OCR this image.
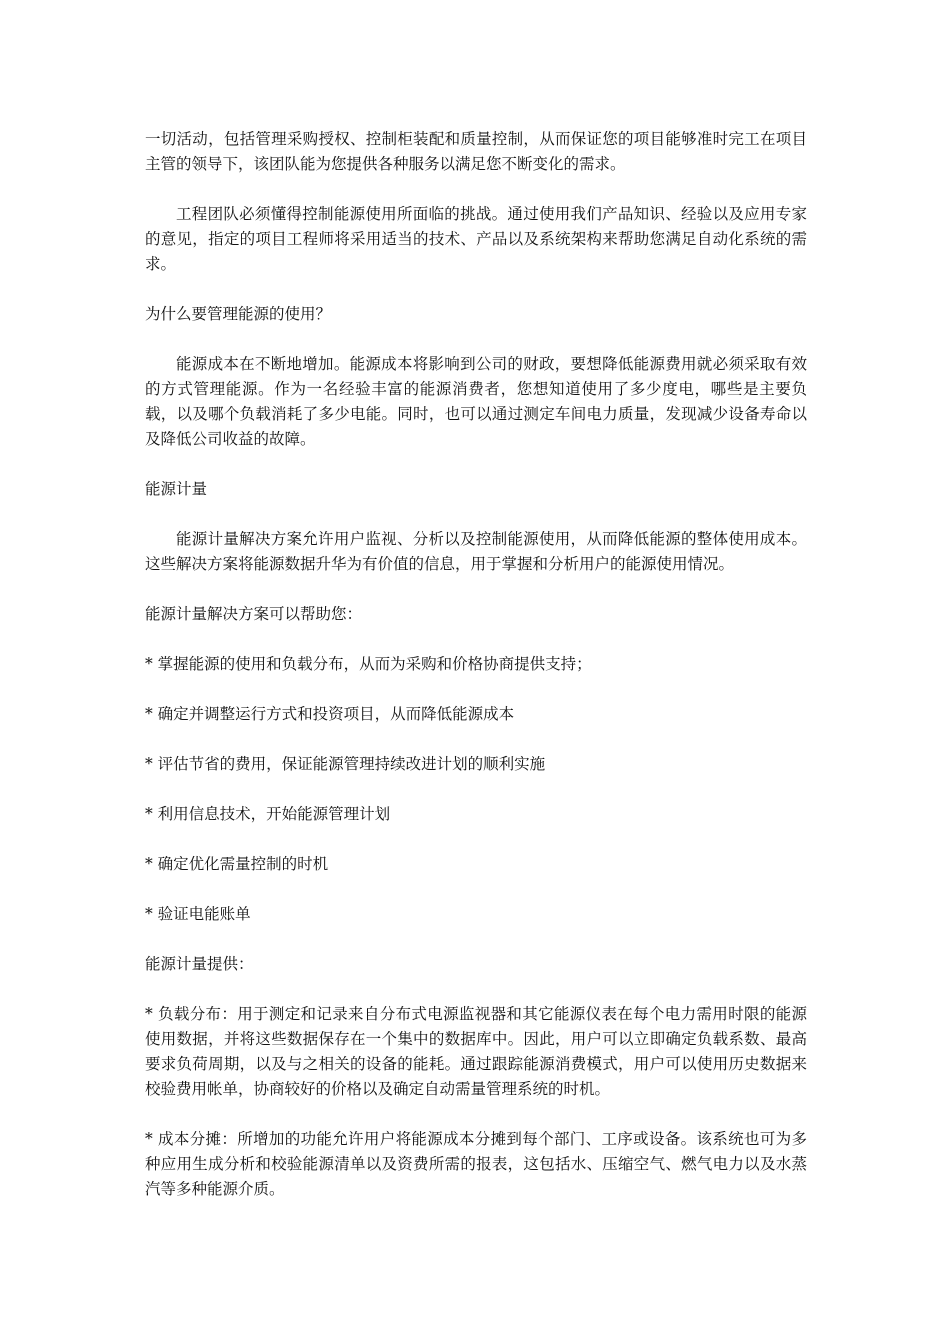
一切活动，包括管理采购授权、控制柜装配和质量控制，从而保证您的项目能够准时完工在项目主管的领导下，该团队能为您提供各种服务以满足您不断变化的需求。

工程团队必须懂得控制能源使用所面临的挑战。通过使用我们产品知识、经验以及应用专家的意见，指定的项目工程师将采用适当的技术、产品以及系统架构来帮助您满足自动化系统的需求。

为什么要管理能源的使用？

能源成本在不断地增加。能源成本将影响到公司的财政，要想降低能源费用就必须采取有效的方式管理能源。作为一名经验丰富的能源消费者，您想知道使用了多少度电，哪些是主要负载，以及哪个负载消耗了多少电能。同时，也可以通过测定车间电力质量，发现减少设备寿命以及降低公司收益的故障。

能源计量

能源计量解决方案允许用户监视、分析以及控制能源使用，从而降低能源的整体使用成本。这些解决方案将能源数据升华为有价值的信息，用于掌握和分析用户的能源使用情况。

能源计量解决方案可以帮助您：

* 掌握能源的使用和负载分布，从而为采购和价格协商提供支持；

* 确定并调整运行方式和投资项目，从而降低能源成本

* 评估节省的费用，保证能源管理持续改进计划的顺利实施

* 利用信息技术，开始能源管理计划

* 确定优化需量控制的时机

* 验证电能账单

能源计量提供：

* 负载分布：用于测定和记录来自分布式电源监视器和其它能源仪表在每个电力需用时限的能源使用数据，并将这些数据保存在一个集中的数据库中。因此，用户可以立即确定负载系数、最高要求负荷周期，以及与之相关的设备的能耗。通过跟踪能源消费模式，用户可以使用历史数据来校验费用帐单，协商较好的价格以及确定自动需量管理系统的时机。

* 成本分摊：所增加的功能允许用户将能源成本分摊到每个部门、工序或设备。该系统也可为多种应用生成分析和校验能源清单以及资费所需的报表，这包括水、压缩空气、燃气电力以及水蒸汽等多种能源介质。
